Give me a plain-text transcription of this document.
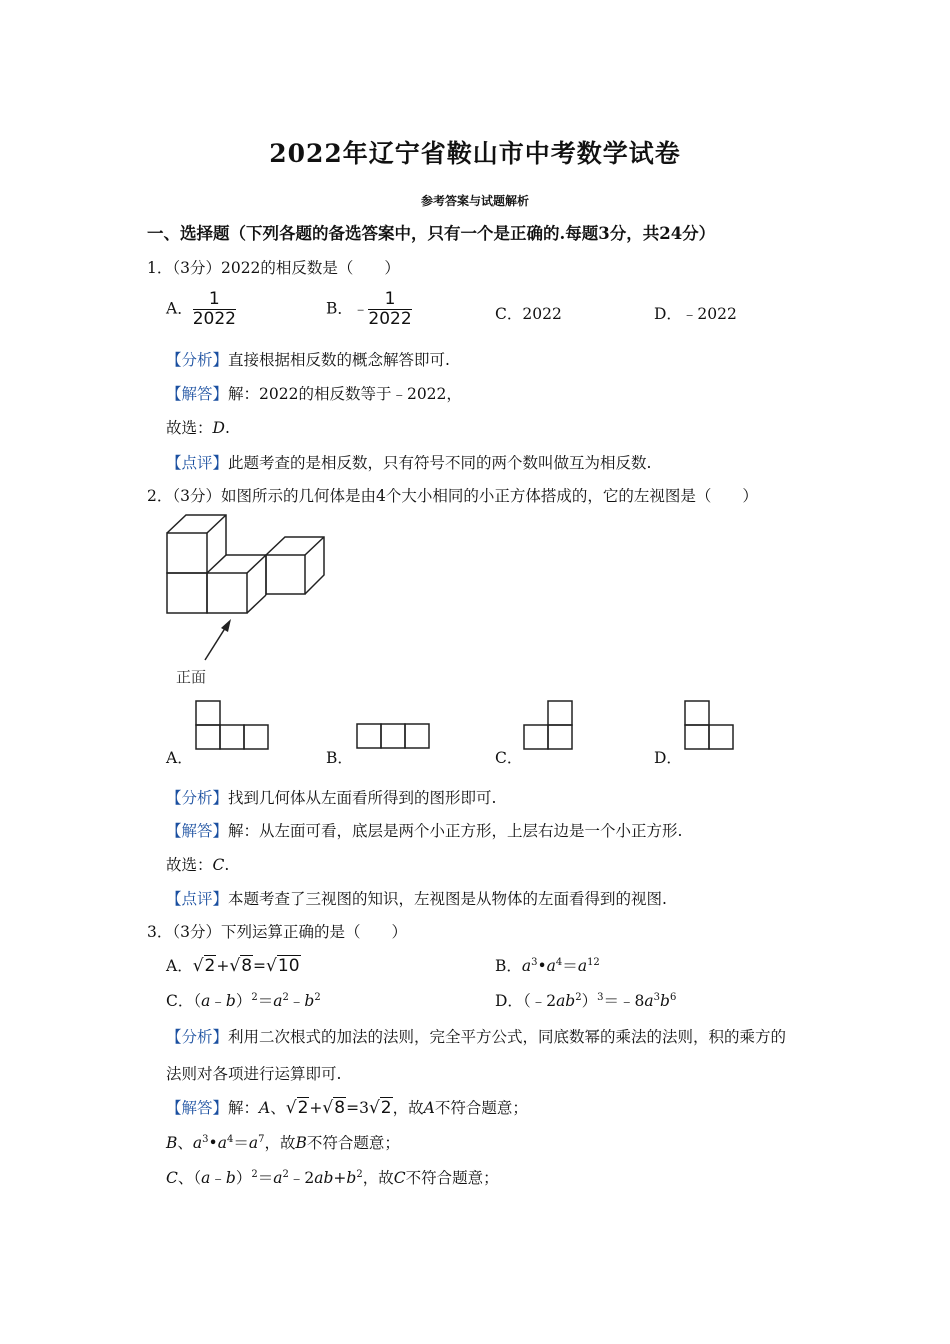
2022年辽宁省鞍山市中考数学试卷
参考答案与试题解析
一、选择题（下列各题的备选答案中，只有一个是正确的.每题3分，共24分）
1．（3分）2022的相反数是（　　）
A． $\frac{1}{2022}$	B．﹣ $\frac{1}{2022}$	C．2022	D．﹣2022
【分析】直接根据相反数的概念解答即可.
【解答】解：2022的相反数等于﹣2022，
故选：D.
【点评】此题考查的是相反数，只有符号不同的两个数叫做互为相反数.
2．（3分）如图所示的几何体是由4个大小相同的小正方体搭成的，它的左视图是（　　）
正面
A．	B．	C．	D．
【分析】找到几何体从左面看所得到的图形即可.
【解答】解：从左面可看，底层是两个小正方形，上层右边是一个小正方形.
故选：C.
【点评】本题考查了三视图的知识，左视图是从物体的左面看得到的视图.
3．（3分）下列运算正确的是（　　）
A．√2+√8=√10	B．$a^3•a^4=a^{12}$
C．$(a﹣b)^2=a^2﹣b^2$	D．$(﹣2ab^2)^3=﹣8a^3b^6$
【分析】利用二次根式的加法的法则，完全平方公式，同底数幂的乘法的法则，积的乘方的
法则对各项进行运算即可.
【解答】解：A、√2+√8=3√2，故A不符合题意；
B、$a^3•a^4=a^7$，故B不符合题意；
C、$(a﹣b)^2=a^2﹣2ab+b^2$，故C不符合题意；
